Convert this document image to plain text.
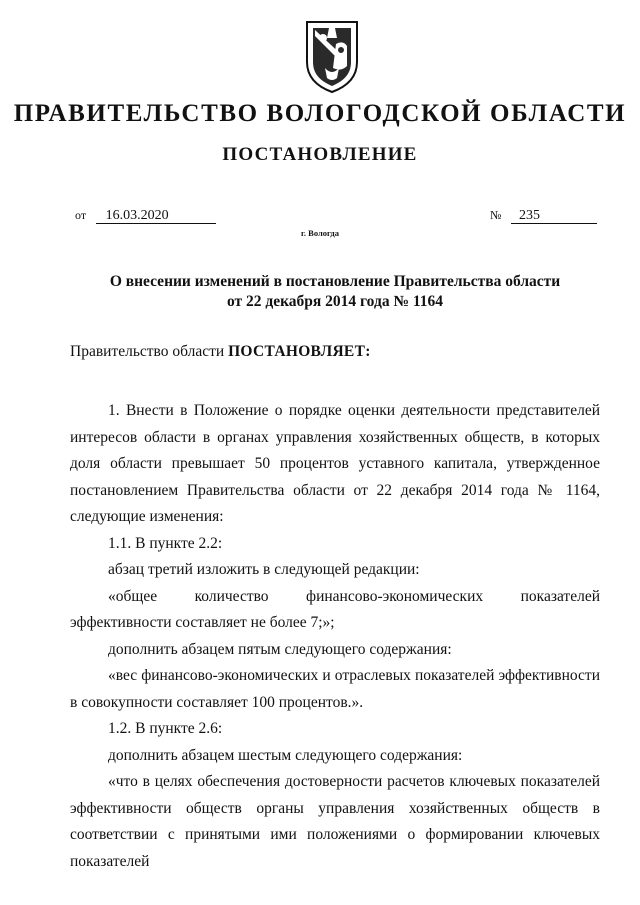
ПРАВИТЕЛЬСТВО ВОЛОГОДСКОЙ ОБЛАСТИ
ПОСТАНОВЛЕНИЕ
от 16.03.2020	№ 235
г. Вологда
О внесении изменений в постановление Правительства области
от 22 декабря 2014 года № 1164

Правительство области ПОСТАНОВЛЯЕТ:

1. Внести в Положение о порядке оценки деятельности представителей интересов области в органах управления хозяйственных обществ, в которых доля области превышает 50 процентов уставного капитала, утвержденное постановлением Правительства области от 22 декабря 2014 года № 1164, следующие изменения:

1.1. В пункте 2.2:

абзац третий изложить в следующей редакции:

«общее количество финансово-экономических показателей эффективности составляет не более 7;»;

дополнить абзацем пятым следующего содержания:

«вес финансово-экономических и отраслевых показателей эффективности в совокупности составляет 100 процентов.».

1.2. В пункте 2.6:

дополнить абзацем шестым следующего содержания:

«что в целях обеспечения достоверности расчетов ключевых показателей эффективности обществ органы управления хозяйственных обществ в соответствии с принятыми ими положениями о формировании ключевых показателей
